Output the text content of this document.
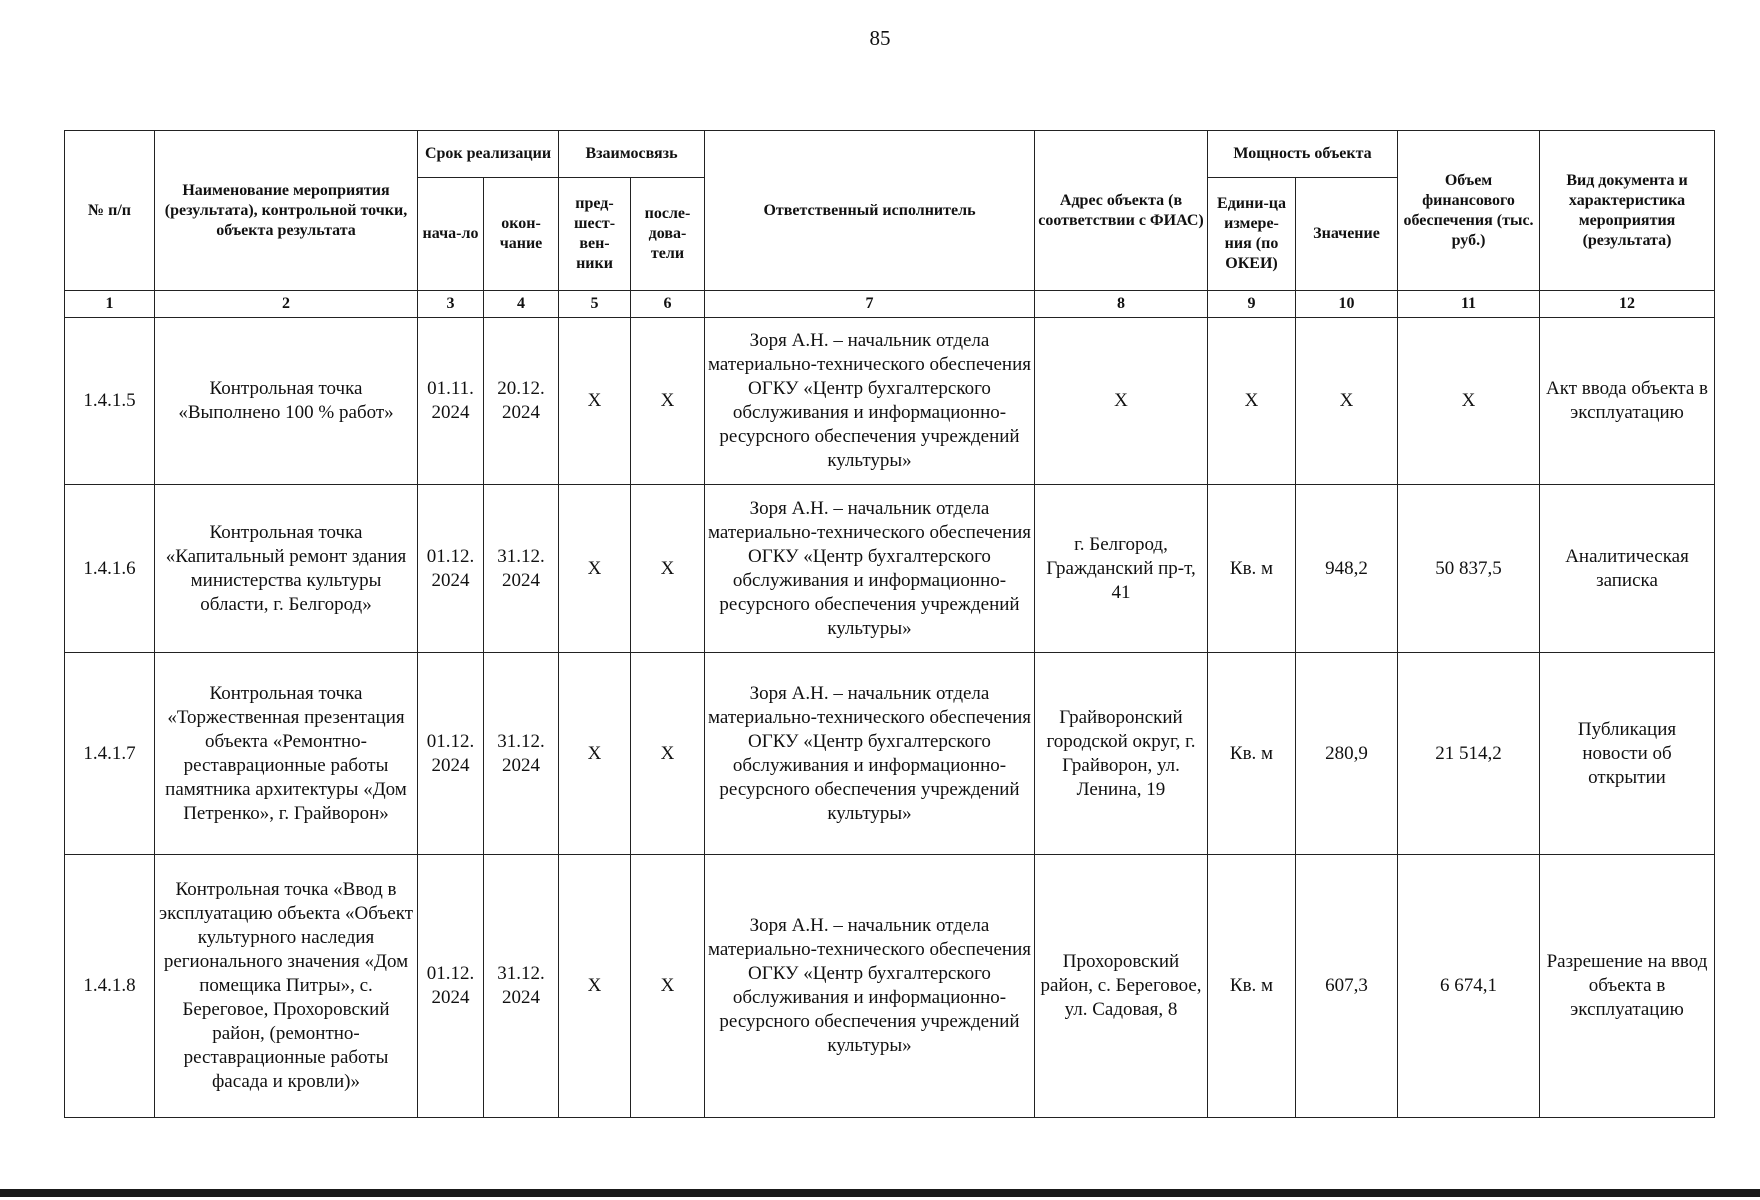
85
№ п/п	Наименование мероприятия (результата), контрольной точки, объекта результата	Срок реализации		Взаимосвязь		Ответственный исполнитель	Адрес объекта (в соответствии с ФИАС)	Мощность объекта		Объем финансового обеспечения (тыс. руб.)	Вид документа и характеристика мероприятия (результата)
		нача-ло	окон-чание	пред-шест-вен-ники	после-дова-тели			Едини-ца измере-ния (по ОКЕИ)	Значение		
1	2	3	4	5	6	7	8	9	10	11	12
1.4.1.5	Контрольная точка «Выполнено 100 % работ»	01.11. 2024	20.12. 2024	X	X	Зоря А.Н. – начальник отдела материально-технического обеспечения ОГКУ «Центр бухгалтерского обслуживания и информационно-ресурсного обеспечения учреждений культуры»	X	X	X	X	Акт ввода объекта в эксплуатацию
1.4.1.6	Контрольная точка «Капитальный ремонт здания министерства культуры области, г. Белгород»	01.12. 2024	31.12. 2024	X	X	Зоря А.Н. – начальник отдела материально-технического обеспечения ОГКУ «Центр бухгалтерского обслуживания и информационно-ресурсного обеспечения учреждений культуры»	г. Белгород, Гражданский пр-т, 41	Кв. м	948,2	50 837,5	Аналитическая записка
1.4.1.7	Контрольная точка «Торжественная презентация объекта «Ремонтно-реставрационные работы памятника архитектуры «Дом Петренко», г. Грайворон»	01.12. 2024	31.12. 2024	X	X	Зоря А.Н. – начальник отдела материально-технического обеспечения ОГКУ «Центр бухгалтерского обслуживания и информационно-ресурсного обеспечения учреждений культуры»	Грайворонский городской округ, г. Грайворон, ул. Ленина, 19	Кв. м	280,9	21 514,2	Публикация новости об открытии
1.4.1.8	Контрольная точка «Ввод в эксплуатацию объекта «Объект культурного наследия регионального значения «Дом помещика Питры», с. Береговое, Прохоровский район, (ремонтно-реставрационные работы фасада и кровли)»	01.12. 2024	31.12. 2024	X	X	Зоря А.Н. – начальник отдела материально-технического обеспечения ОГКУ «Центр бухгалтерского обслуживания и информационно-ресурсного обеспечения учреждений культуры»	Прохоровский район, с. Береговое, ул. Садовая, 8	Кв. м	607,3	6 674,1	Разрешение на ввод объекта в эксплуатацию
